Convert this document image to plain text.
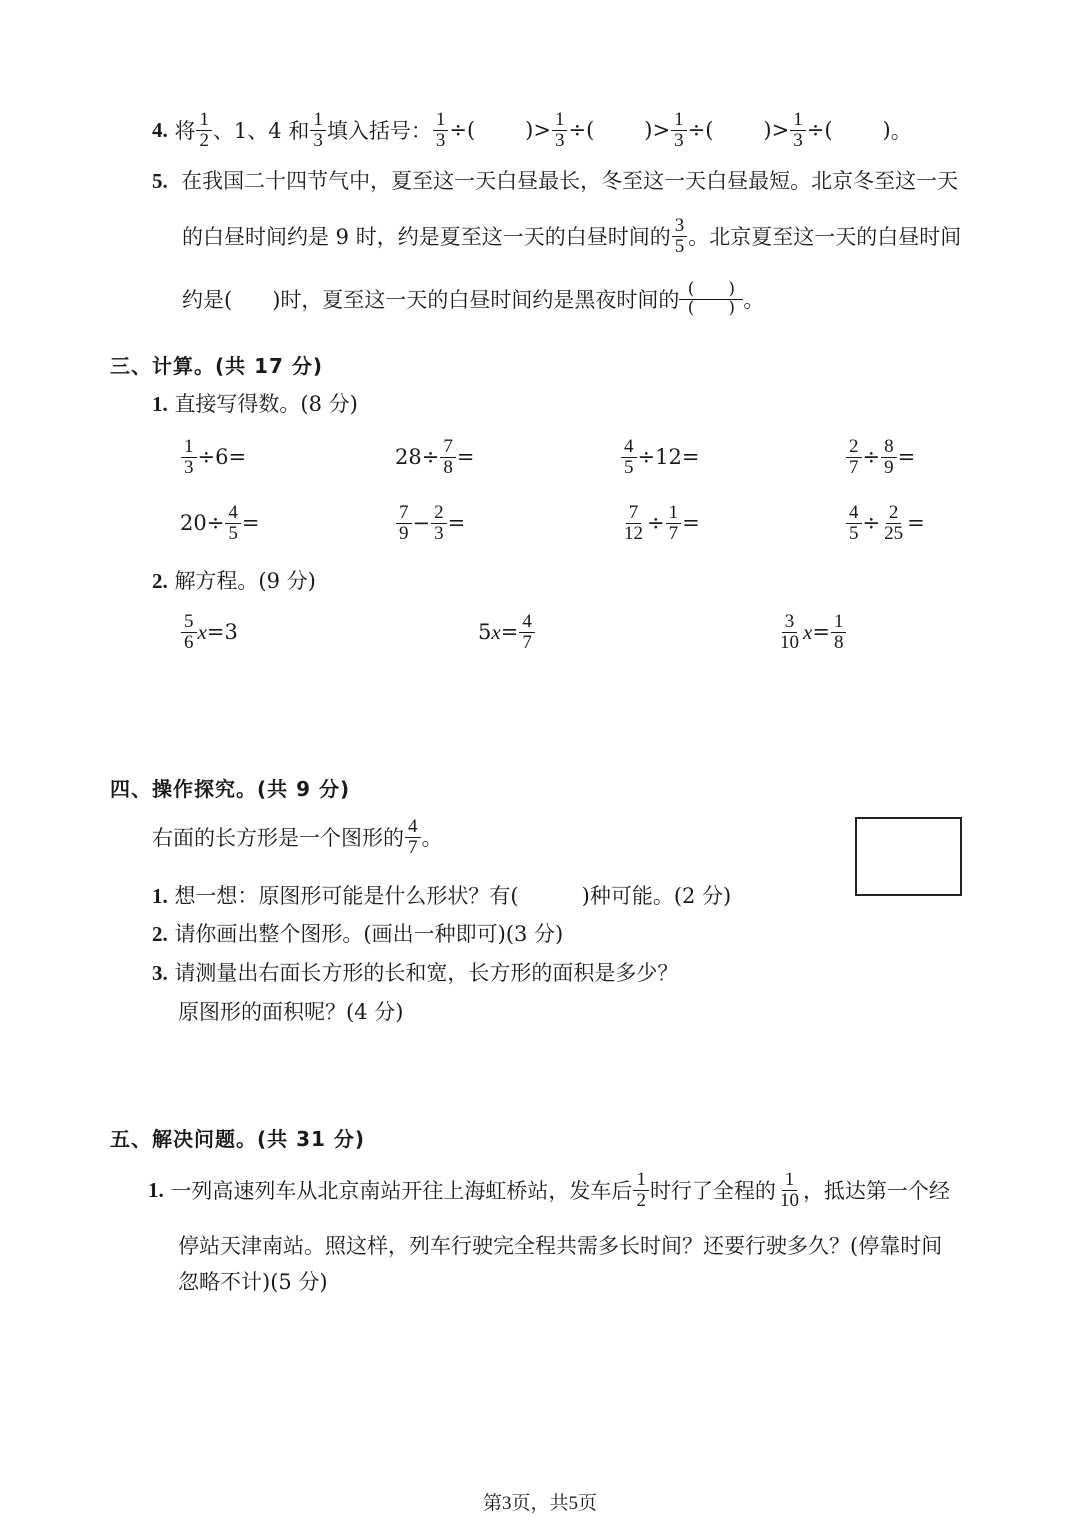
4.
将 $\frac{1}{2}$ 、1、4 和 $\frac{1}{3}$ 填入括号： $\frac{1}{3}$ ÷ ( ) > $\frac{1}{3}$ ÷ ( ) > $\frac{1}{3}$ ÷ ( ) > $\frac{1}{3}$ ÷ ( ) 。
5. 在我国二十四节气中，夏至这一天白昼最长，冬至这一天白昼最短。北京冬至这一天
的白昼时间约是 9 时，约是夏至这一天的白昼时间的 $\frac{3}{5}$ 。北京夏至这一天的白昼时间
约是( )时，夏至这一天的白昼时间约是黑夜时间的 $\frac{( )}{( )}$ 。
三、计算。(共 17 分)
1. 直接写得数。(8 分)
$\frac{1}{3} \div 6$ =	$28 \div \frac{7}{8}$ =	$\frac{4}{5} \div 12$ =	$\frac{2}{7} \div \frac{8}{9}$ =
$20 \div \frac{4}{5}$ =	$\frac{7}{9} - \frac{2}{3}$ =	$\frac{7}{12} \div \frac{1}{7}$ =	$\frac{4}{5} \div \frac{2}{25}$ =
2. 解方程。(9 分)
$\frac{5}{6}$ x = 3	5 $x = \frac{4}{7}$	$\frac{3}{10}$ $x = \frac{1}{8}$
四、操作探究。(共 9 分)
右面的长方形是一个图形的 $\frac{4}{7}$ 。
1. 想一想：原图形可能是什么形状？有(　　　)种可能。(2 分)
2. 请你画出整个图形。(画出一种即可)(3 分)
3. 请测量出右面长方形的长和宽，长方形的面积是多少？
原图形的面积呢？(4 分)
五、解决问题。(共 31 分)
1.
一列高速列车从北京南站开往上海虹桥站，发车后 $\frac{1}{2}$ 时行了全程的 $\frac{1}{10}$ ，抵达第一个经
停站天津南站。照这样，列车行驶完全程共需多长时间？还要行驶多久？(停靠时间
忽略不计)(5 分)
第3页，共5页
